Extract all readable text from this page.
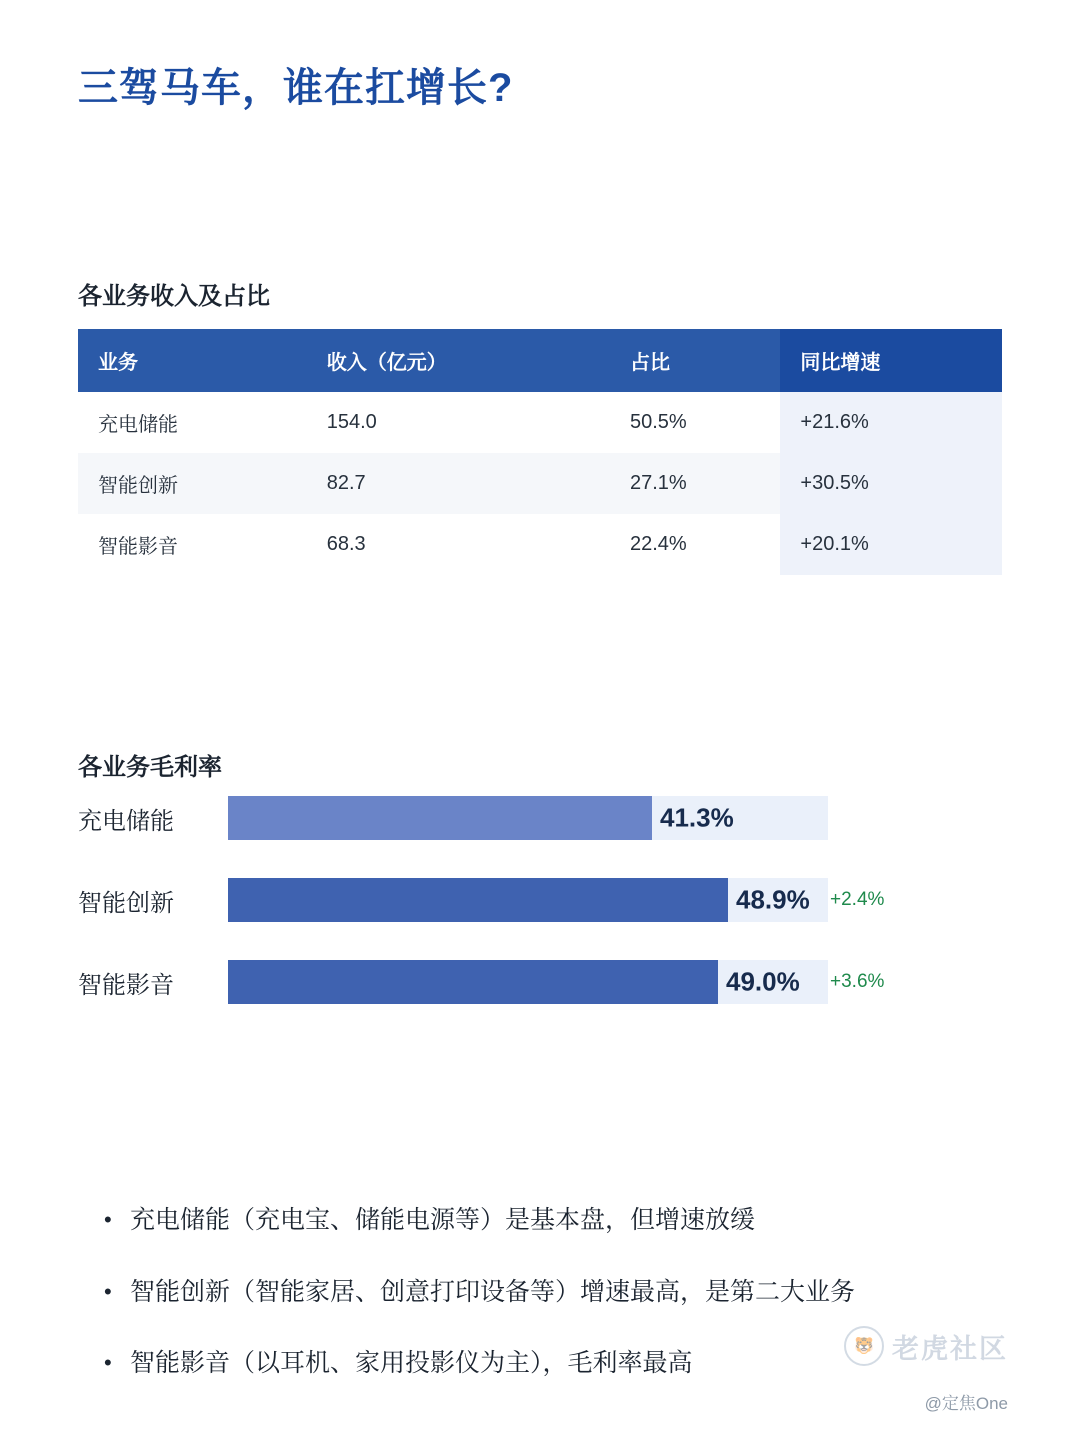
三驾马车，谁在扛增长?
各业务收入及占比
业务	收入（亿元）	占比	同比增速
充电储能	154.0	50.5%	+21.6%
智能创新	82.7	27.1%	+30.5%
智能影音	68.3	22.4%	+20.1%
各业务毛利率
充电储能	41.3%
智能创新	48.9% +2.4%
智能影音	49.0% +3.6%
• 充电储能（充电宝、储能电源等）是基本盘，但增速放缓
• 智能创新（智能家居、创意打印设备等）增速最高，是第二大业务
• 智能影音（以耳机、家用投影仪为主），毛利率最高
🐯 老虎社区
@定焦One
